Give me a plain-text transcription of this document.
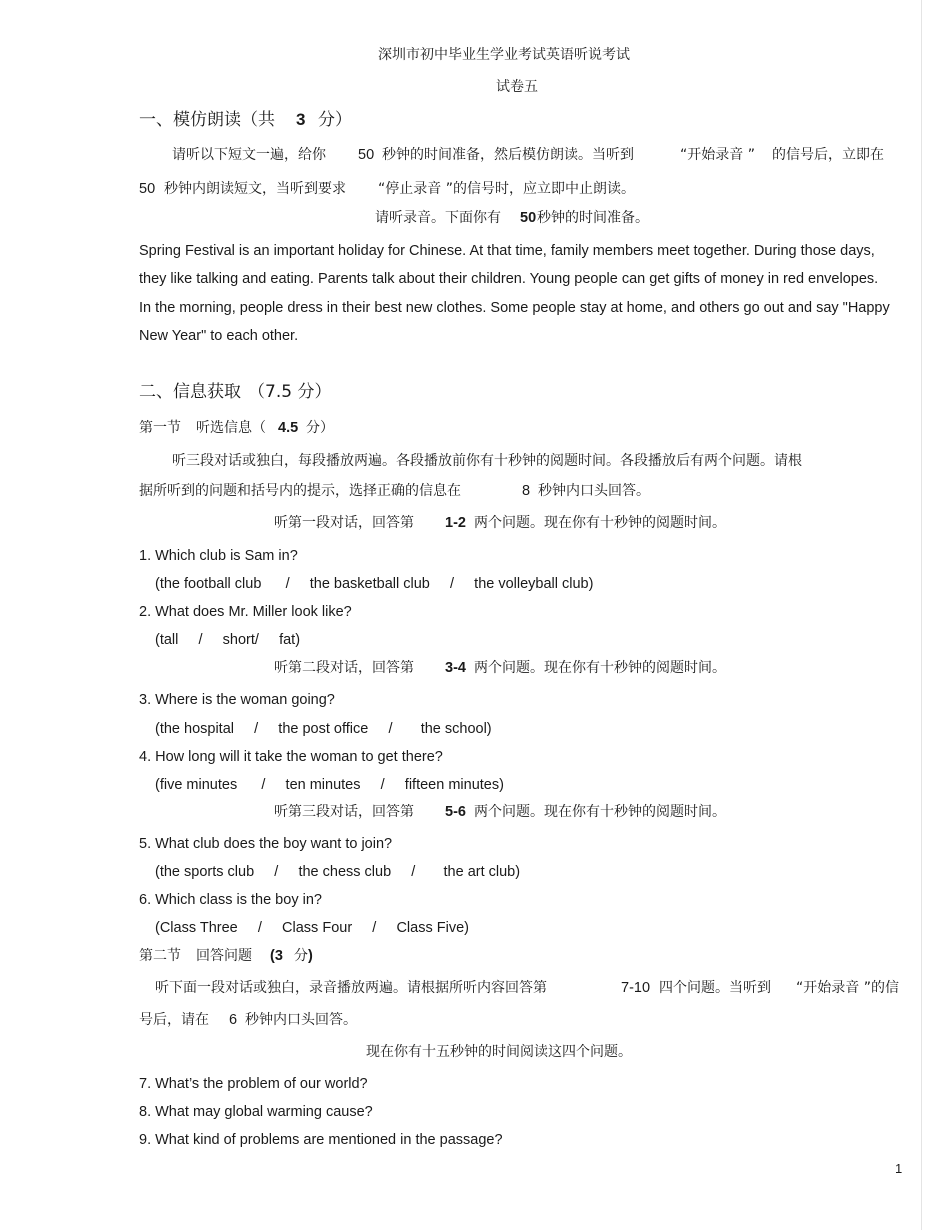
深圳市初中毕业生学业考试英语听说考试
试卷五
一、模仿朗读（共 3 分）
请听以下短文一遍，给你 50 秒钟的时间准备，然后模仿朗读。当听到	“开始录音 ” 的信号后，立即在
50 秒钟内朗读短文，当听到要求 “停止录音 ”的信号时，应立即中止朗读。
请听录音。下面你有 50 秒钟的时间准备。
Spring Festival is an important holiday for Chinese. At that time, family members meet together. During those days,
they like talking and eating. Parents talk about their children. Young people can get gifts of money in red envelopes.
In the morning, people dress in their best new clothes. Some people stay at home, and others go out and say "Happy
New Year" to each other.
二、信息获取 （7.5 分）
第一节 听选信息（ 4.5 分）
听三段对话或独白，每段播放两遍。各段播放前你有十秒钟的阅题时间。各段播放后有两个问题。请根
据所听到的问题和括号内的提示，选择正确的信息在	8 秒钟内口头回答。
听第一段对话，回答第 1-2 两个问题。现在你有十秒钟的阅题时间。
1. Which club is Sam in?
(the football club      /     the basketball club     /     the volleyball club)
2. What does Mr. Miller look like?
(tall     /     short/     fat)
听第二段对话，回答第 3-4 两个问题。现在你有十秒钟的阅题时间。
3. Where is the woman going?
(the hospital     /     the post office     /       the school)
4. How long will it take the woman to get there?
(five minutes      /     ten minutes     /     fifteen minutes)
听第三段对话，回答第 5-6 两个问题。现在你有十秒钟的阅题时间。
5. What club does the boy want to join?
(the sports club     /     the chess club     /       the art club)
6. Which class is the boy in?
(Class Three     /     Class Four     /     Class Five)
第二节 回答问题 (3 分 )
听下面一段对话或独白，录音播放两遍。请根据所听内容回答第	7-10 四个问题。当听到 “开始录音 ”的信
号后，请在 6 秒钟内口头回答。
现在你有十五秒钟的时间阅读这四个问题。
7. What’s the problem of our world?
8. What may global warming cause?
9. What kind of problems are mentioned in the passage?
1
